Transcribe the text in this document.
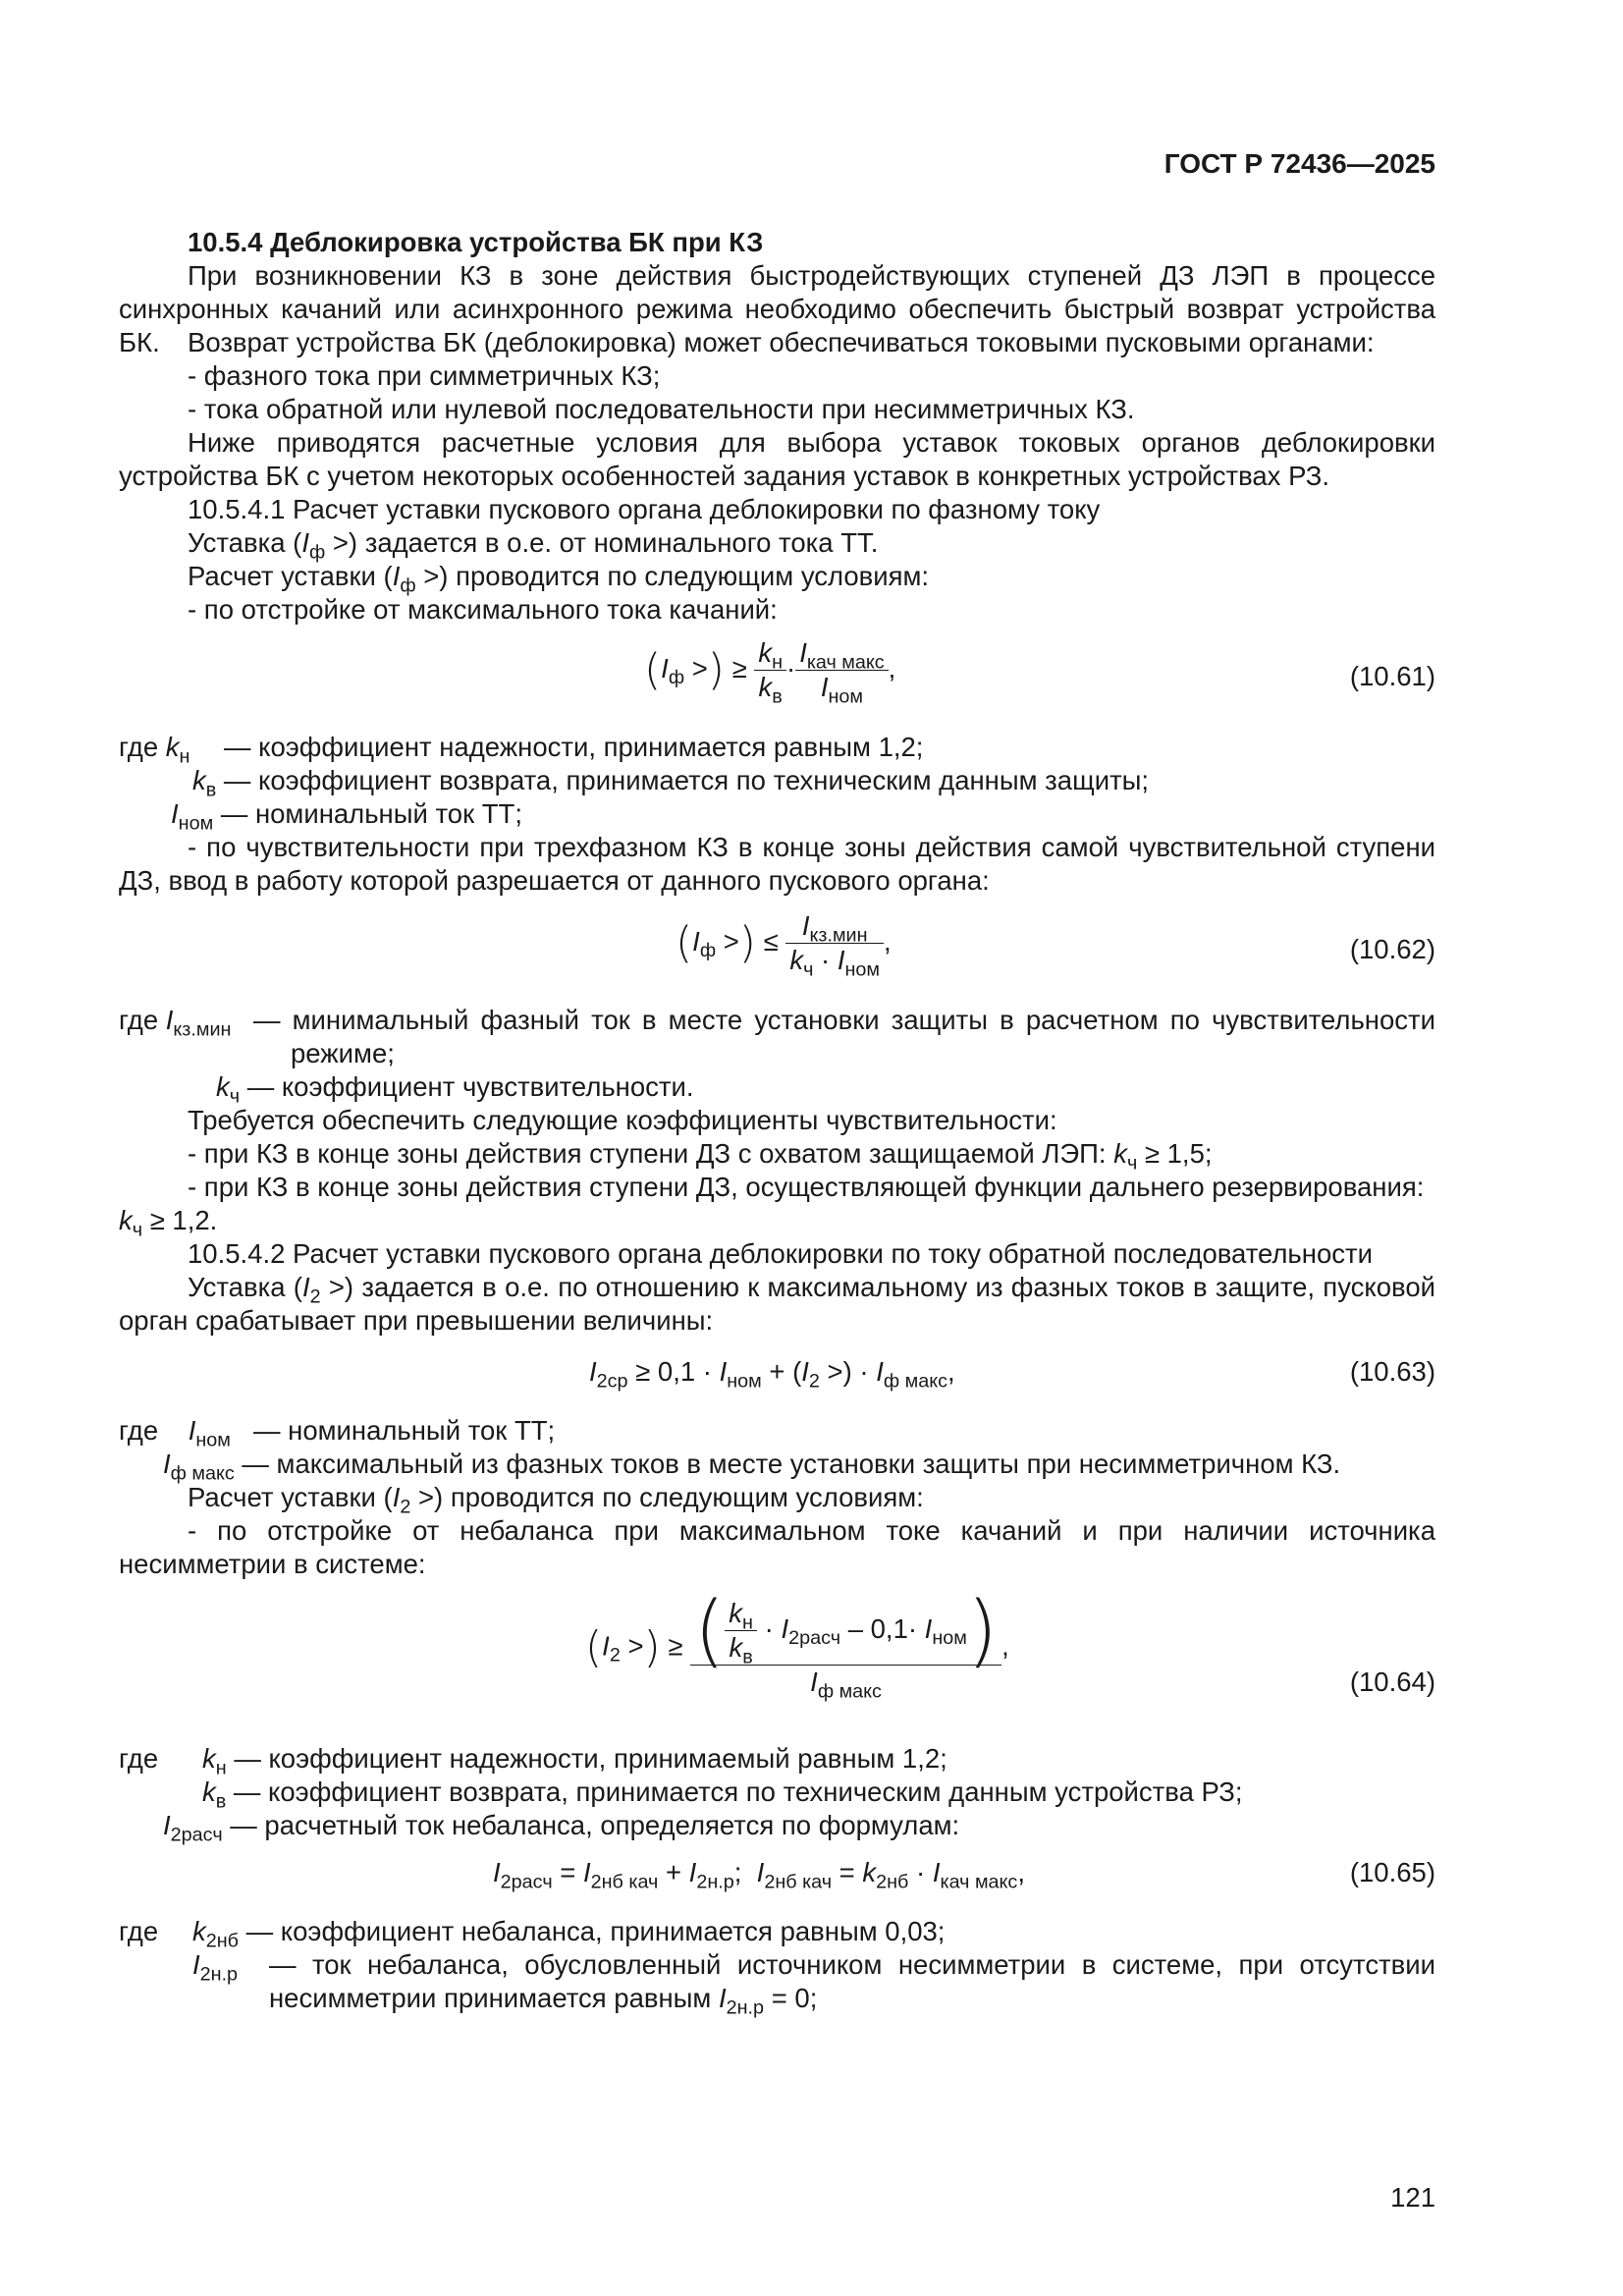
ГОСТ Р 72436—2025
10.5.4 Деблокировка устройства БК при КЗ
При возникновении КЗ в зоне действия быстродействующих ступеней ДЗ ЛЭП в процессе синхронных качаний или асинхронного режима необходимо обеспечить быстрый возврат устройства БК.	Возврат устройства БК (деблокировка) может обеспечиваться токовыми пусковыми органами:
- фазного тока при симметричных КЗ;
- тока обратной или нулевой последовательности при несимметричных КЗ.
Ниже приводятся расчетные условия для выбора уставок токовых органов деблокировки устройства БК с учетом некоторых особенностей задания уставок в конкретных устройствах РЗ.
10.5.4.1 Расчет уставки пускового органа деблокировки по фазному току
Уставка ($I_ф$ >) задается в о.е. от номинального тока ТТ.
Расчет уставки ($I_ф$ >) проводится по следующим условиям:
- по отстройке от максимального тока качаний:
($I_ф$ >) ≥ $\frac{k_н}{k_в} \cdot \frac{I_{кач макс}}{I_{ном}}$ ,	(10.61)
где $k_н$ — коэффициент надежности, принимается равным 1,2;
$k_в$ — коэффициент возврата, принимается по техническим данным защиты;
$I_{ном}$ — номинальный ток ТТ;
- по чувствительности при трехфазном КЗ в конце зоны действия самой чувствительной ступени ДЗ, ввод в работу которой разрешается от данного пускового органа:
($I_ф$ >) ≤ $\frac{I_{кз.мин}}{k_ч \cdot I_{ном}}$ ,	(10.62)
где $I_{кз.мин}$ — минимальный фазный ток в месте установки защиты в расчетном по чувствительности
режиме;
$k_ч$ — коэффициент чувствительности.
Требуется обеспечить следующие коэффициенты чувствительности:
- при КЗ в конце зоны действия ступени ДЗ с охватом защищаемой ЛЭП: $k_ч \ge 1,5$;
- при КЗ в конце зоны действия ступени ДЗ, осуществляющей функции дальнего резервирования:
$k_ч \ge 1,2$.
10.5.4.2 Расчет уставки пускового органа деблокировки по току обратной последовательности
Уставка ($I_2$ >) задается в о.е. по отношению к максимальному из фазных токов в защите, пусковой орган срабатывает при превышении величины:
$I_{2ср} \ge 0,1 \cdot I_{ном} + (I_2$ >) · $I_{ф макс}$,	(10.63)
где $I_{ном}$ — номинальный ток ТТ;
$I_{ф макс}$ — максимальный из фазных токов в месте установки защиты при несимметричном КЗ.
Расчет уставки ($I_2$ >) проводится по следующим условиям:
- по отстройке от небаланса при максимальном токе качаний и при наличии источника несимметрии в системе:
($I_2$ >) ≥ $\frac{( \frac{k_н}{k_в} \cdot I_{2расч} - 0,1\cdot I_{ном})}{I_{ф макс}}$ ,
(10.64)
где $k_н$ — коэффициент надежности, принимаемый равным 1,2;
$k_в$ — коэффициент возврата, принимается по техническим данным устройства РЗ;
$I_{2расч}$ — расчетный ток небаланса, определяется по формулам:
$I_{2расч} = I_{2нб кач} + I_{2н.р}$;  $I_{2нб кач} = k_{2нб} \cdot I_{кач макс}$,	(10.65)
где $k_{2нб}$ — коэффициент небаланса, принимается равным 0,03;
$I_{2н.р}$ — ток небаланса, обусловленный источником несимметрии в системе, при отсутствии несимметрии принимается равным $I_{2н.р} = 0$;
121
